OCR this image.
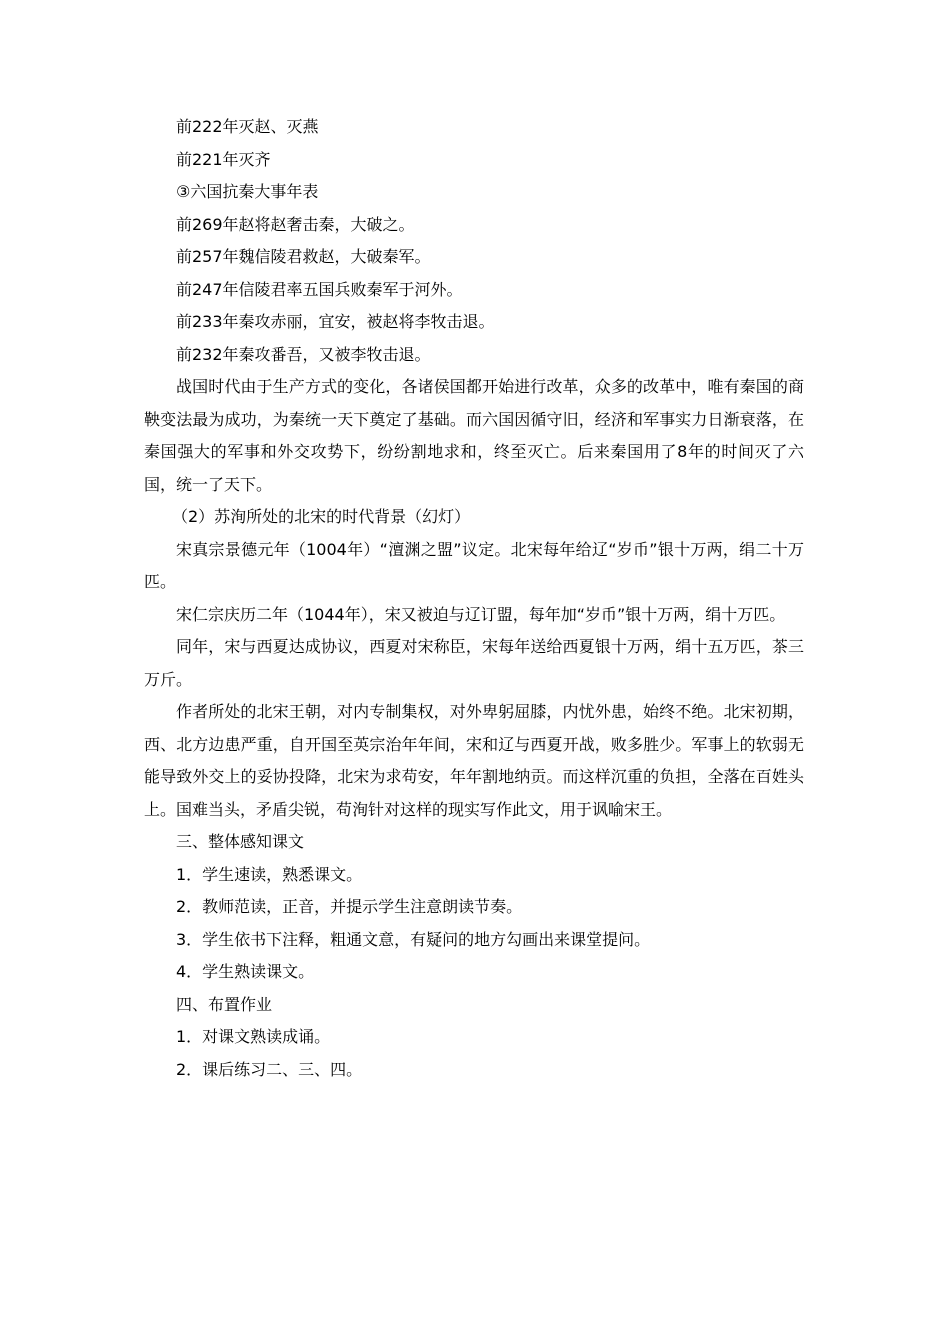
前222年灭赵、灭燕
前221年灭齐
③六国抗秦大事年表
前269年赵将赵奢击秦，大破之。
前257年魏信陵君救赵，大破秦军。
前247年信陵君率五国兵败秦军于河外。
前233年秦攻赤丽，宜安，被赵将李牧击退。
前232年秦攻番吾，又被李牧击退。
战国时代由于生产方式的变化，各诸侯国都开始进行改革，众多的改革中，唯有秦国的商鞅变法最为成功，为秦统一天下奠定了基础。而六国因循守旧，经济和军事实力日渐衰落，在秦国强大的军事和外交攻势下，纷纷割地求和，终至灭亡。后来秦国用了8年的时间灭了六国，统一了天下。
（2）苏洵所处的北宋的时代背景（幻灯）
宋真宗景德元年（1004年）“澶渊之盟”议定。北宋每年给辽“岁币”银十万两，绢二十万匹。
宋仁宗庆历二年（1044年），宋又被迫与辽订盟，每年加“岁币”银十万两，绢十万匹。
同年，宋与西夏达成协议，西夏对宋称臣，宋每年送给西夏银十万两，绢十五万匹，茶三万斤。
作者所处的北宋王朝，对内专制集权，对外卑躬屈膝，内忧外患，始终不绝。北宋初期，西、北方边患严重，自开国至英宗治年年间，宋和辽与西夏开战，败多胜少。军事上的软弱无能导致外交上的妥协投降，北宋为求苟安，年年割地纳贡。而这样沉重的负担，全落在百姓头上。国难当头，矛盾尖锐，苟洵针对这样的现实写作此文，用于讽喻宋王。
三、整体感知课文
1．学生速读，熟悉课文。
2．教师范读，正音，并提示学生注意朗读节奏。
3．学生依书下注释，粗通文意，有疑问的地方勾画出来课堂提问。
4．学生熟读课文。
四、布置作业
1．对课文熟读成诵。
2．课后练习二、三、四。
